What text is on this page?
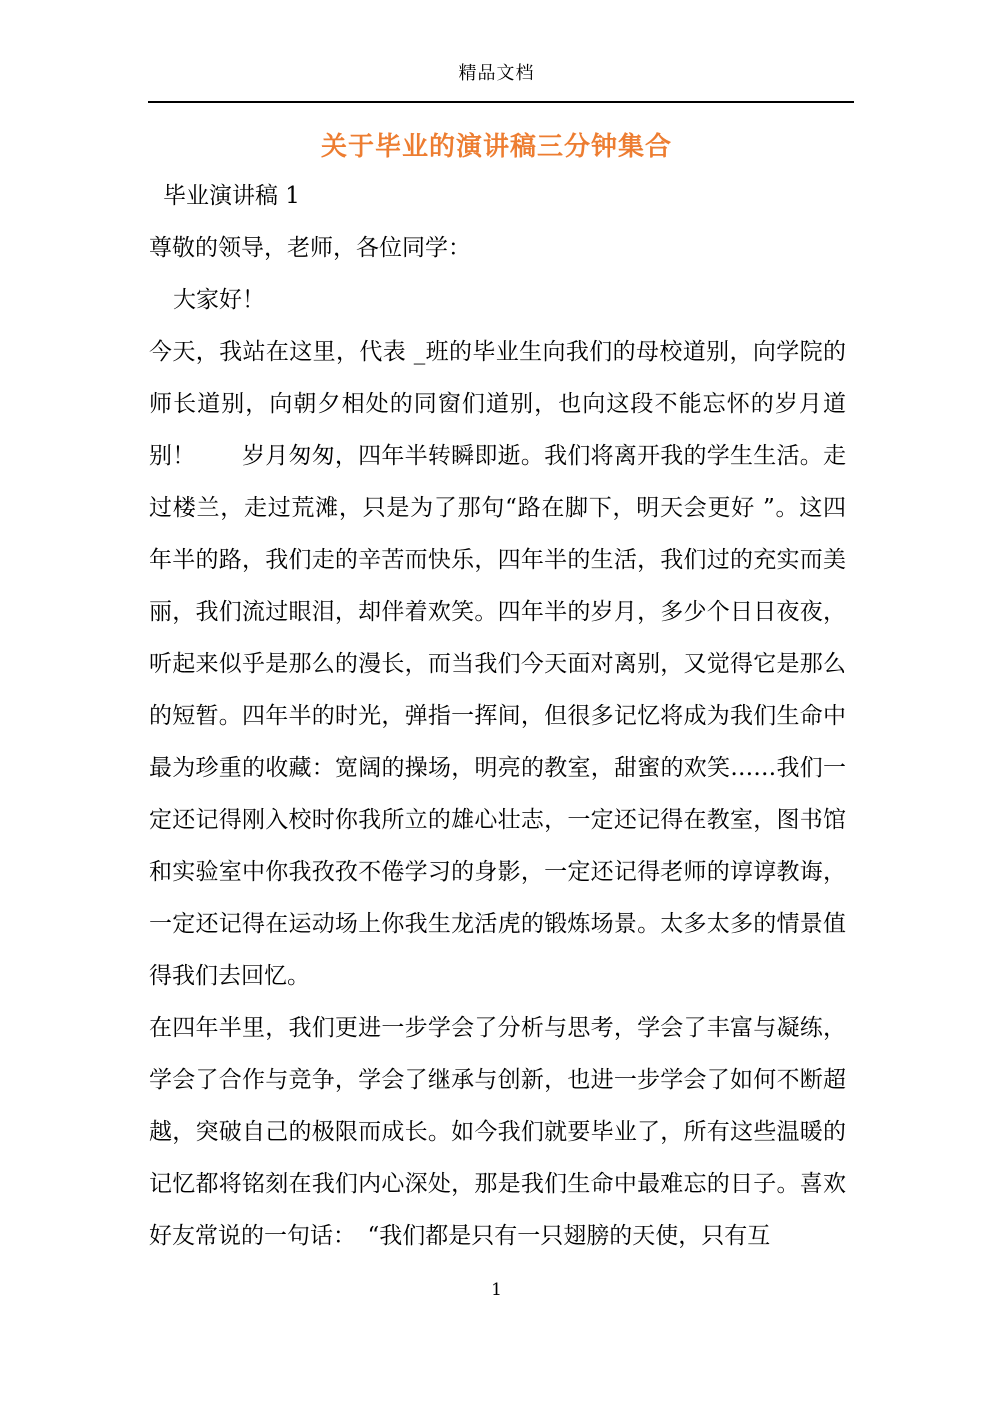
精品文档
关于毕业的演讲稿三分钟集合

毕业演讲稿 1

尊敬的领导，老师，各位同学：

大家好！

今天，我站在这里，代表 _班的毕业生向我们的母校道别，向学院的师长道别，向朝夕相处的同窗们道别，也向这段不能忘怀的岁月道别！　　岁月匆匆，四年半转瞬即逝。我们将离开我的学生生活。走过楼兰，走过荒滩，只是为了那句“路在脚下，明天会更好 ”。这四年半的路，我们走的辛苦而快乐，四年半的生活，我们过的充实而美丽，我们流过眼泪，却伴着欢笑。四年半的岁月，多少个日日夜夜，听起来似乎是那么的漫长，而当我们今天面对离别，又觉得它是那么的短暂。四年半的时光，弹指一挥间，但很多记忆将成为我们生命中最为珍重的收藏：宽阔的操场，明亮的教室，甜蜜的欢笑……我们一定还记得刚入校时你我所立的雄心壮志，一定还记得在教室，图书馆和实验室中你我孜孜不倦学习的身影，一定还记得老师的谆谆教诲，一定还记得在运动场上你我生龙活虎的锻炼场景。太多太多的情景值得我们去回忆。

在四年半里，我们更进一步学会了分析与思考，学会了丰富与凝练，学会了合作与竞争，学会了继承与创新，也进一步学会了如何不断超越，突破自己的极限而成长。如今我们就要毕业了，所有这些温暖的记忆都将铭刻在我们内心深处，那是我们生命中最难忘的日子。喜欢好友常说的一句话：　“我们都是只有一只翅膀的天使，只有互

1
